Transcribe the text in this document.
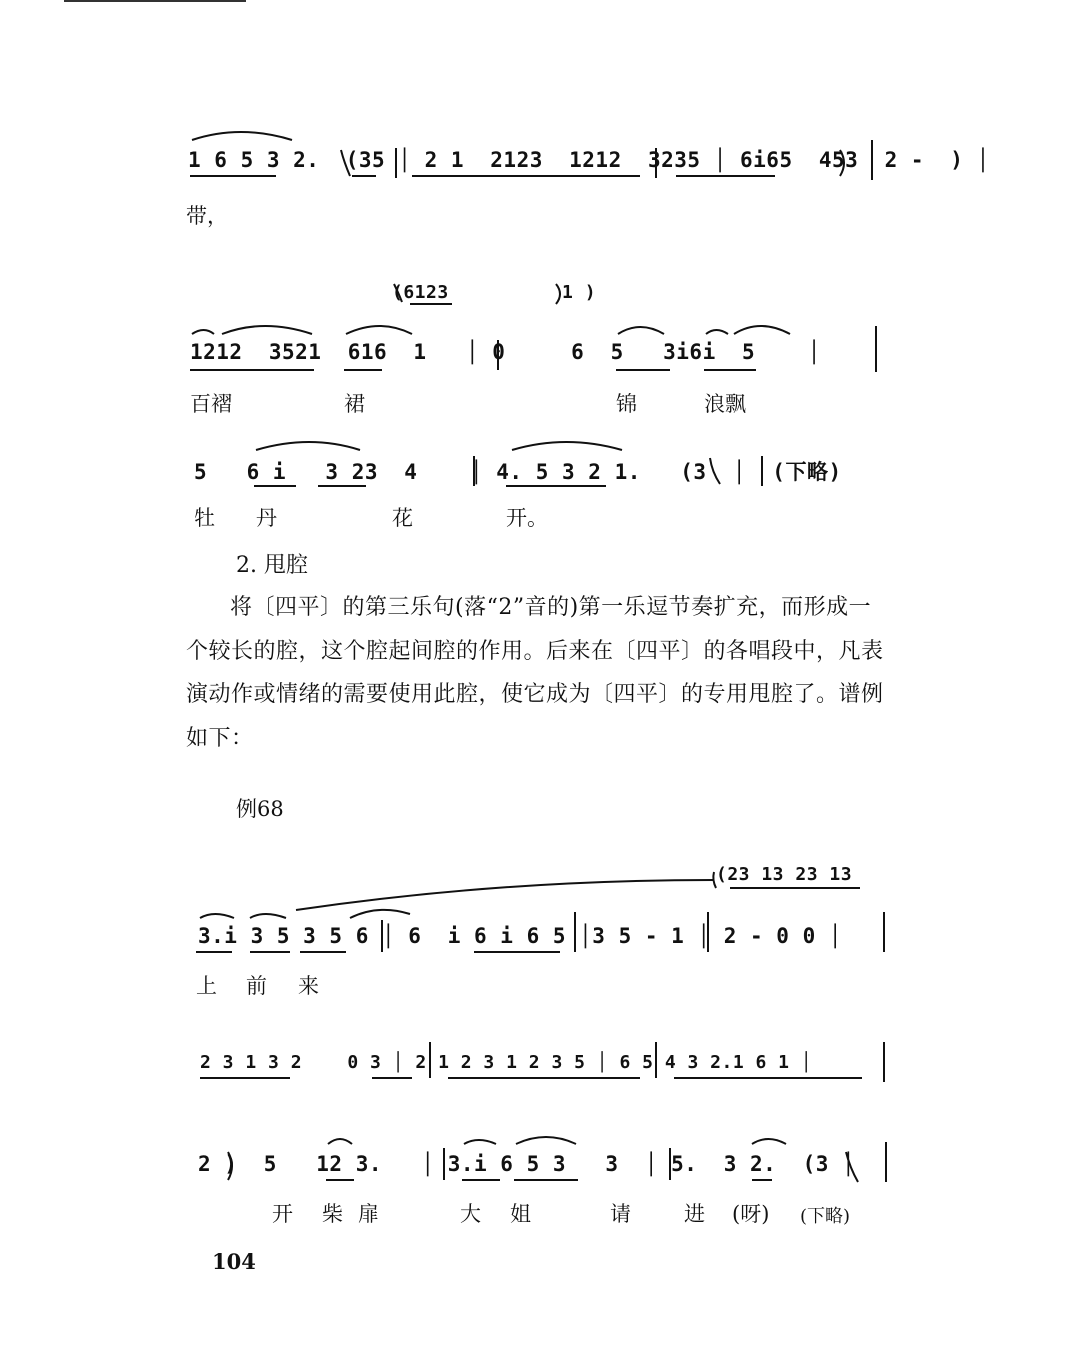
1 6 5 3 2.  (35 │ 2 1  2123  1212  3235 │ 6i65  453  2 -  ) │
带，
(6123          1 )
1212  3521  616  1   │ 0     6  5   3i6i  5    │
百褶	裙	锦	浪飘
5   6 i   3 23  4    │ 4. 5 3 2 1.   (3  │  (下略)
牡 丹	花	开。
2. 甩腔
将〔四平〕的第三乐句(落“2”音的)第一乐逗节奏扩充，而形成一个较长的腔，这个腔起间腔的作用。后来在〔四平〕的各唱段中，凡表演动作或情绪的需要使用此腔，使它成为〔四平〕的专用甩腔了。谱例如下：
例68
(23 13 23 13
3.i 3 5 3 5 6 │ 6  i 6 i 6 5 │3 5 - 1 │ 2 - 0 0 │
上 前 来
2 3 1 3 2    0 3 │ 2 1 2 3 1 2 3 5 │ 6 5 4 3 2.1 6 1 │
2 )  5   12 3.   │ 3.i 6 5 3   3  │ 5.  3 2.  (3 │
开 柴 扉	大 姐	请	进 (呀) (下略)
104
